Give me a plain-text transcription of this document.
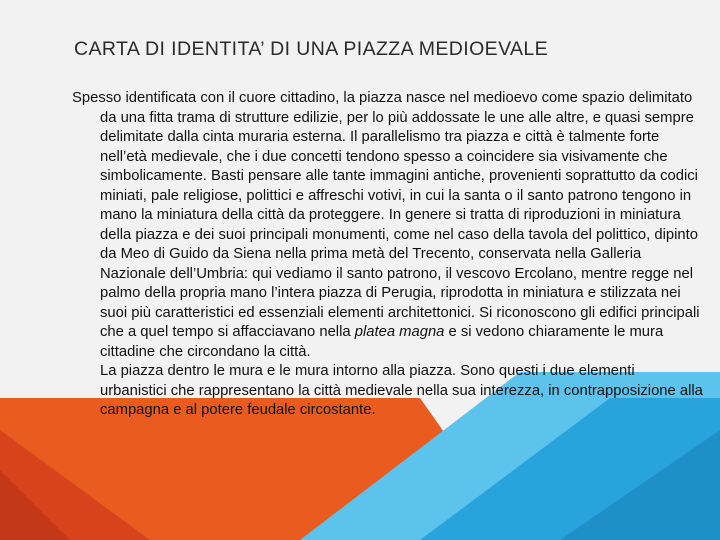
CARTA DI IDENTITA’ DI UNA PIAZZA MEDIOEVALE

Spesso identificata con il cuore cittadino, la piazza nasce nel medioevo come spazio delimitato da una fitta trama di strutture edilizie, per lo più addossate le une alle altre, e quasi sempre delimitate dalla cinta muraria esterna. Il parallelismo tra piazza e città è talmente forte nell’età medievale, che i due concetti tendono spesso a coincidere sia visivamente che simbolicamente. Basti pensare alle tante immagini antiche, provenienti soprattutto da codici miniati, pale religiose, polittici e affreschi votivi, in cui la santa o il santo patrono tengono in mano la miniatura della città da proteggere. In genere si tratta di riproduzioni in miniatura della piazza e dei suoi principali monumenti, come nel caso della tavola del polittico, dipinto da Meo di Guido da Siena nella prima metà del Trecento, conservata nella Galleria Nazionale dell’Umbria: qui vediamo il santo patrono, il vescovo Ercolano, mentre regge nel palmo della propria mano l’intera piazza di Perugia, riprodotta in miniatura e stilizzata nei suoi più caratteristici ed essenziali elementi architettonici. Si riconoscono gli edifici principali che a quel tempo si affacciavano nella platea magna e si vedono chiaramente le mura cittadine che circondano la città.

La piazza dentro le mura e le mura intorno alla piazza. Sono questi i due elementi urbanistici che rappresentano la città medievale nella sua interezza, in contrapposizione alla campagna e al potere feudale circostante.
